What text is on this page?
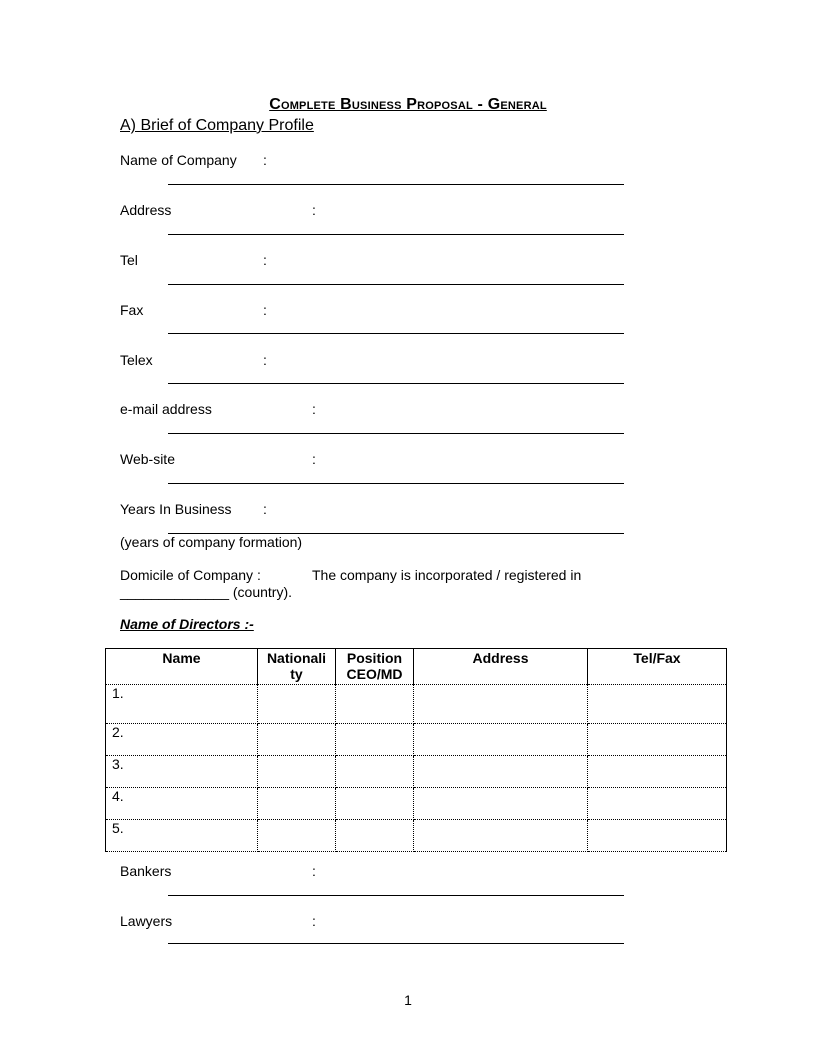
Complete Business Proposal - General
A) Brief of Company Profile
Name of Company :
Address	:
Tel	:
Fax	:
Telex	:
e-mail address	:
Web-site	:
Years In Business :
(years of company formation)
Domicile of Company :	The company is incorporated / registered in
______________ (country).
Name of Directors :-
Name	Nationali ty	Position CEO/MD	Address	Tel/Fax
1.				
2.				
3.				
4.				
5.				
Bankers	:
Lawyers	:
1
